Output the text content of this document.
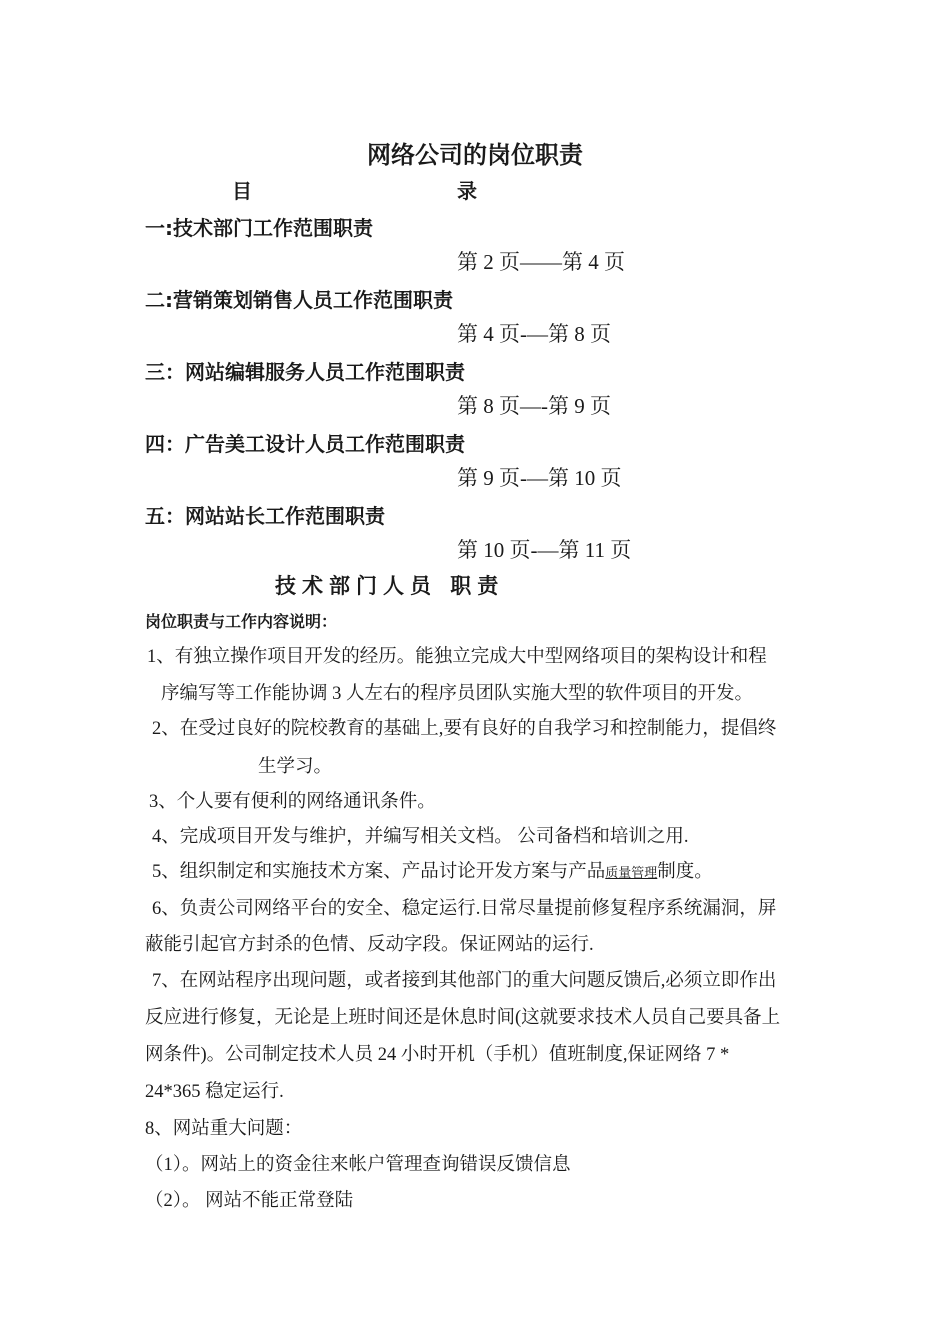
网络公司的岗位职责
目	录
一:技术部门工作范围职责
第 2 页——第 4 页
二:营销策划销售人员工作范围职责
第 4 页-—第 8 页
三：网站编辑服务人员工作范围职责
第 8 页—-第 9 页
四：广告美工设计人员工作范围职责
第 9 页-—第 10 页
五：网站站长工作范围职责
第 10 页-—第 11 页
技术部门人员 职责
岗位职责与工作内容说明：
1、有独立操作项目开发的经历。能独立完成大中型网络项目的架构设计和程
序编写等工作能协调 3 人左右的程序员团队实施大型的软件项目的开发。
2、在受过良好的院校教育的基础上,要有良好的自我学习和控制能力，提倡终
生学习。
3、个人要有便利的网络通讯条件。
4、完成项目开发与维护，并编写相关文档。 公司备档和培训之用.
5、组织制定和实施技术方案、产品讨论开发方案与产品质量管理制度。
6、负责公司网络平台的安全、稳定运行.日常尽量提前修复程序系统漏洞，屏
蔽能引起官方封杀的色情、反动字段。保证网站的运行.
7、在网站程序出现问题，或者接到其他部门的重大问题反馈后,必须立即作出
反应进行修复，无论是上班时间还是休息时间(这就要求技术人员自己要具备上
网条件)。公司制定技术人员 24 小时开机（手机）值班制度,保证网络 7 *
24*365 稳定运行.
8、网站重大问题：
（1）。网站上的资金往来帐户管理查询错误反馈信息
（2）。 网站不能正常登陆
